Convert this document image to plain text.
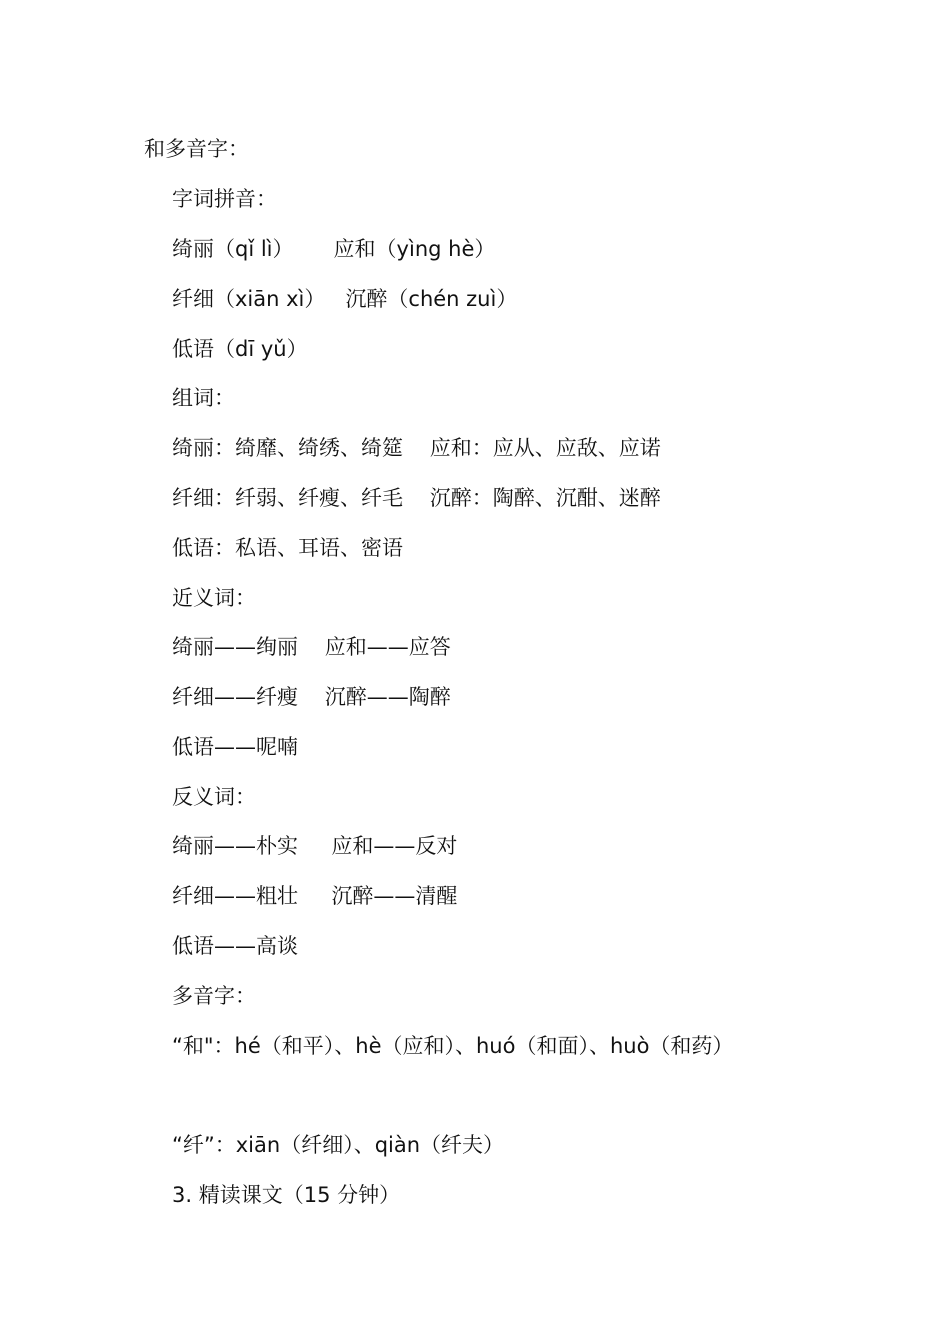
和多音字：

字词拼音：

绮丽（qǐ lì）      应和（yìng hè）

纤细（xiān xì）   沉醉（chén zuì）

低语（dī yǔ）

组词：

绮丽：绮靡、绮绣、绮筵    应和：应从、应敌、应诺

纤细：纤弱、纤瘦、纤毛    沉醉：陶醉、沉酣、迷醉

低语：私语、耳语、密语

近义词：

绮丽——绚丽    应和——应答

纤细——纤瘦    沉醉——陶醉

低语——呢喃

反义词：

绮丽——朴实     应和——反对

纤细——粗壮     沉醉——清醒

低语——高谈

多音字：

“和"：hé（和平）、hè（应和）、huó（和面）、huò（和药）

“纤”：xiān（纤细）、qiàn（纤夫）

3. 精读课文（15 分钟）
